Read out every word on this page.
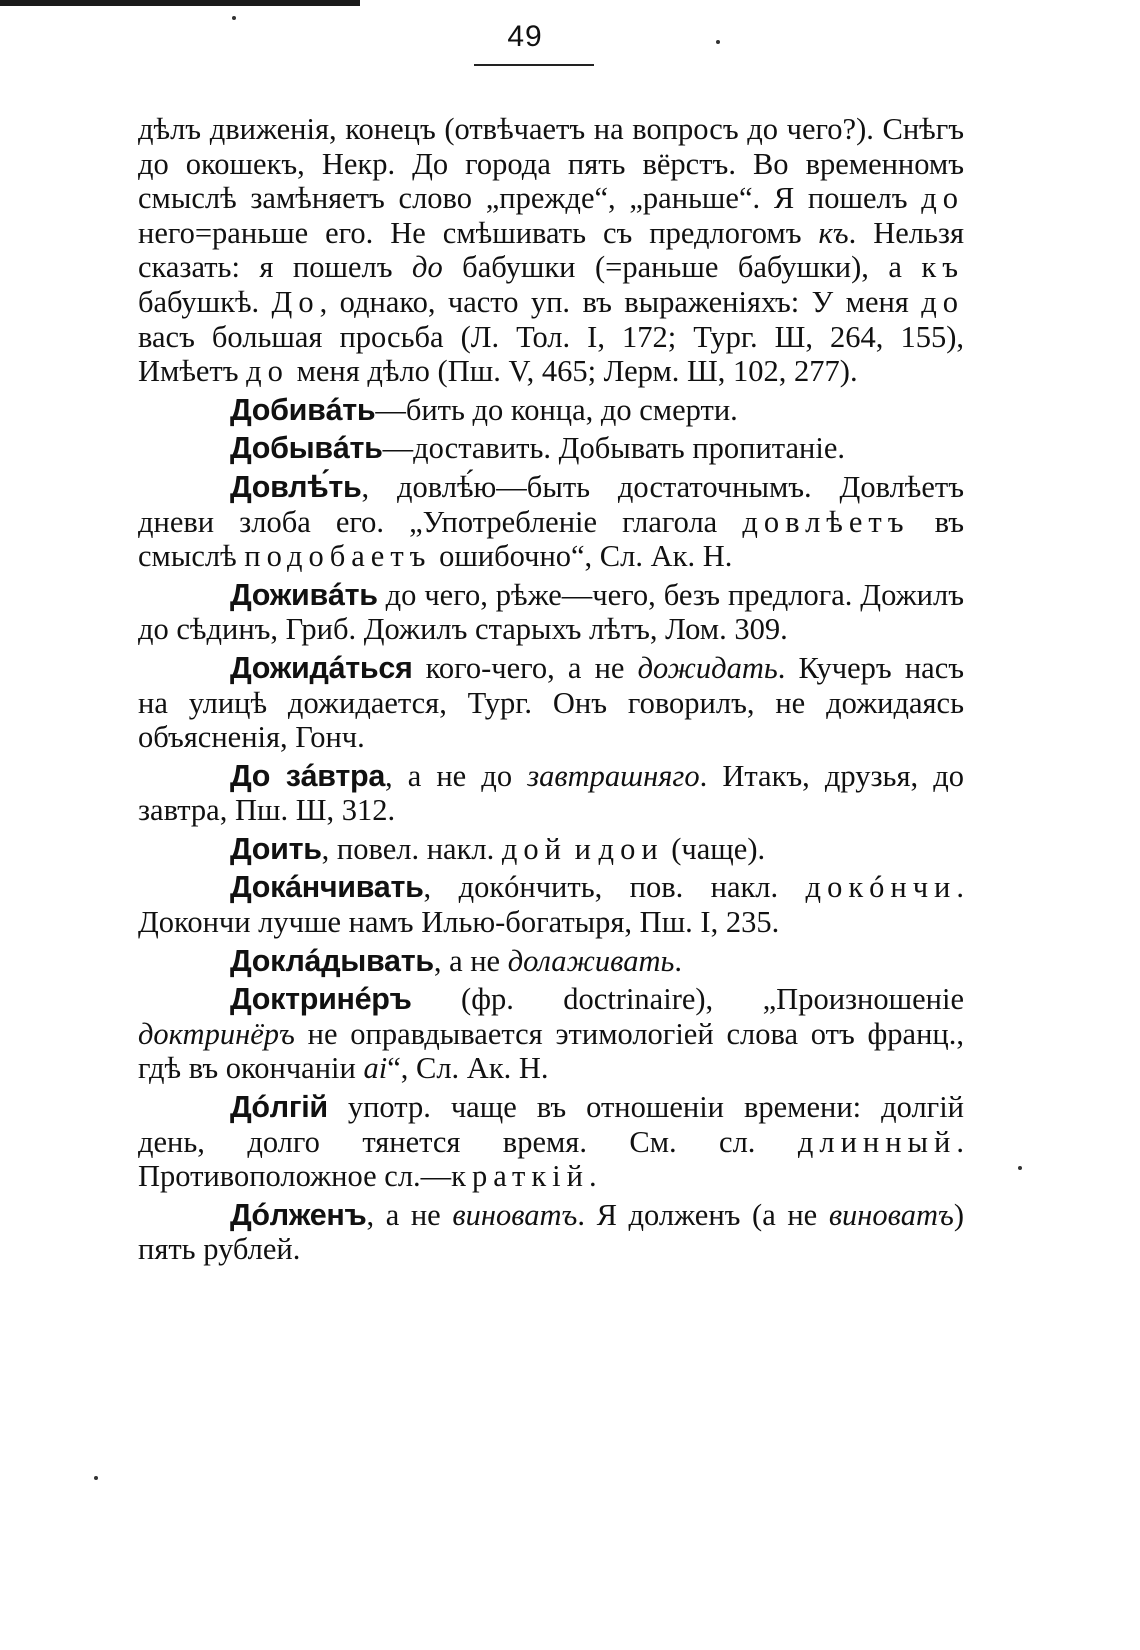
49

дѣлъ движенія, конецъ (отвѣчаетъ на вопросъ до чего?). Снѣгъ до окошекъ, Некр. До города пять вёрстъ. Во временномъ смыслѣ замѣняетъ слово „прежде“, „раньше“. Я пошелъ до него=раньше его. Не смѣшивать съ предлогомъ къ. Нельзя сказать: я пошелъ до бабушки (=раньше бабушки), а къ бабушкѣ. До, однако, часто уп. въ выраженіяхъ: У меня до васъ большая просьба (Л. Тол. I, 172; Тург. Ш, 264, 155), Имѣетъ до меня дѣло (Пш. V, 465; Лерм. Ш, 102, 277).

Добивáть—бить до конца, до смерти.

Добывáть—доставить. Добывать пропитаніе.

Довлѣ́ть, довлѣ́ю—быть достаточнымъ. Довлѣетъ дневи злоба его. „Употребленіе глагола довлѣетъ въ смыслѣ подобаетъ ошибочно“, Сл. Ак. Н.

Доживáть до чего, рѣже—чего, безъ предлога. Дожилъ до сѣдинъ, Гриб. Дожилъ старыхъ лѣтъ, Лом. 309.

Дожидáться кого-чего, а не дожидать. Кучеръ насъ на улицѣ дожидается, Тург. Онъ говорилъ, не дожидаясь объясненія, Гонч.

До зáвтра, а не до завтрашняго. Итакъ, друзья, до завтра, Пш. Ш, 312.

Доить, повел. накл. дой и дои (чаще).

Докáнчивать, докóнчить, пов. накл. докóнчи. Докончи лучше намъ Илью-богатыря, Пш. I, 235.

Доклáдывать, а не долаживать.

Доктринéръ (фр. doctrinaire), „Произношеніе доктринёръ не оправдывается этимологіей слова отъ франц., гдѣ въ окончаніи ai“, Сл. Ак. Н.

Дóлгій употр. чаще въ отношеніи времени: долгій день, долго тянется время. См. сл. длинный. Противоположное сл.—краткій.

Дóлженъ, а не виноватъ. Я долженъ (а не виноватъ) пять рублей.
